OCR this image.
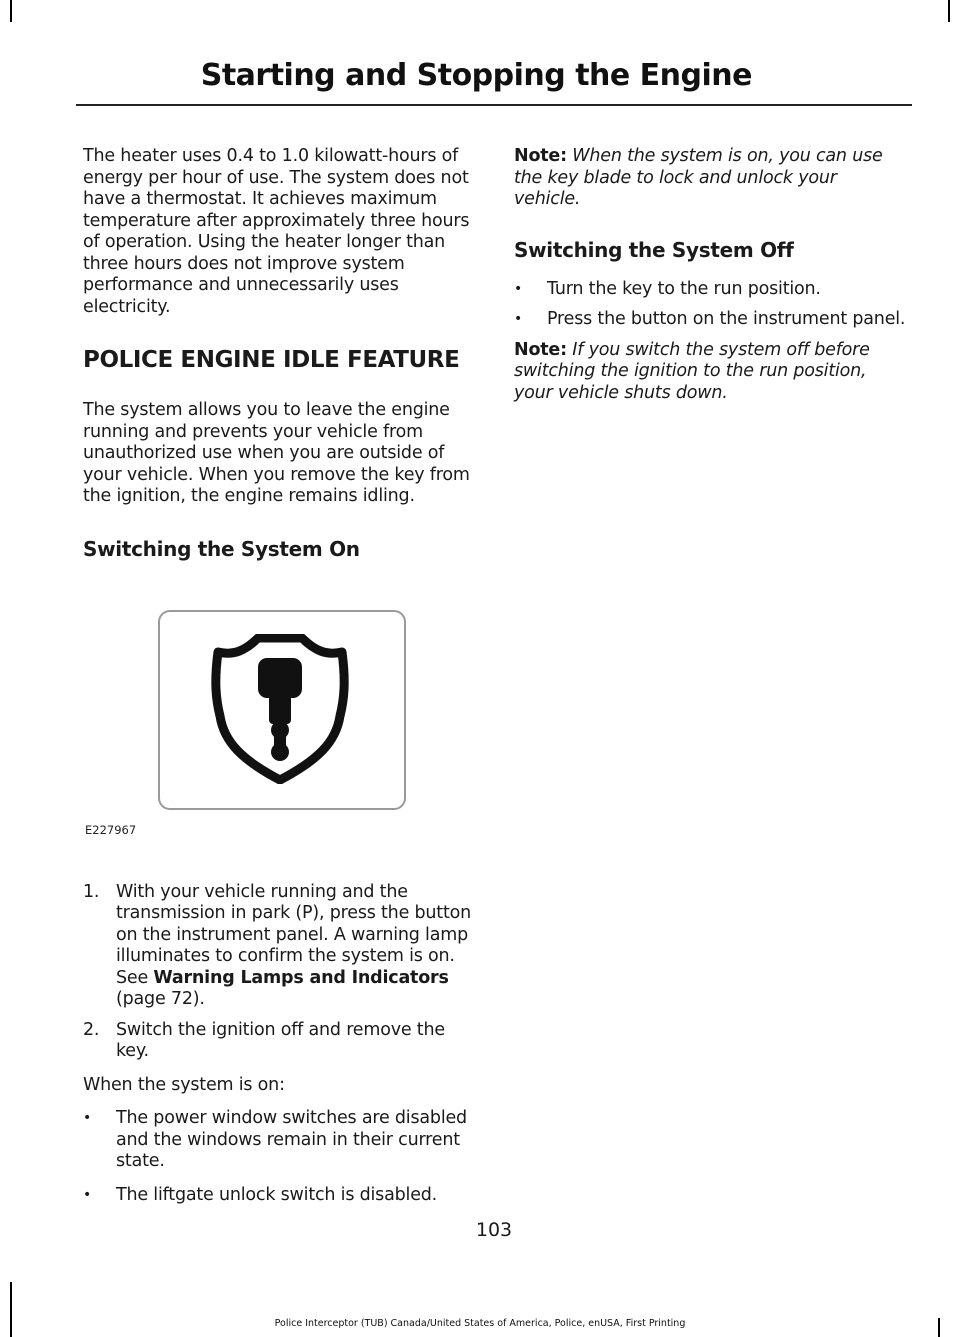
Starting and Stopping the Engine

The heater uses 0.4 to 1.0 kilowatt-hours of energy per hour of use. The system does not have a thermostat. It achieves maximum temperature after approximately three hours of operation. Using the heater longer than three hours does not improve system performance and unnecessarily uses electricity.

POLICE ENGINE IDLE FEATURE

The system allows you to leave the engine running and prevents your vehicle from unauthorized use when you are outside of your vehicle. When you remove the key from the ignition, the engine remains idling.

Switching the System On
E227967
1. With your vehicle running and the transmission in park (P), press the button on the instrument panel. A warning lamp illuminates to confirm the system is on. See Warning Lamps and Indicators (page 72).
2. Switch the ignition off and remove the key.

When the system is on:

• The power window switches are disabled and the windows remain in their current state.
• The liftgate unlock switch is disabled.

Note: When the system is on, you can use the key blade to lock and unlock your vehicle.

Switching the System Off
• Turn the key to the run position.
• Press the button on the instrument panel.

Note: If you switch the system off before switching the ignition to the run position, your vehicle shuts down.

103
Police Interceptor (TUB) Canada/United States of America, Police, enUSA, First Printing
